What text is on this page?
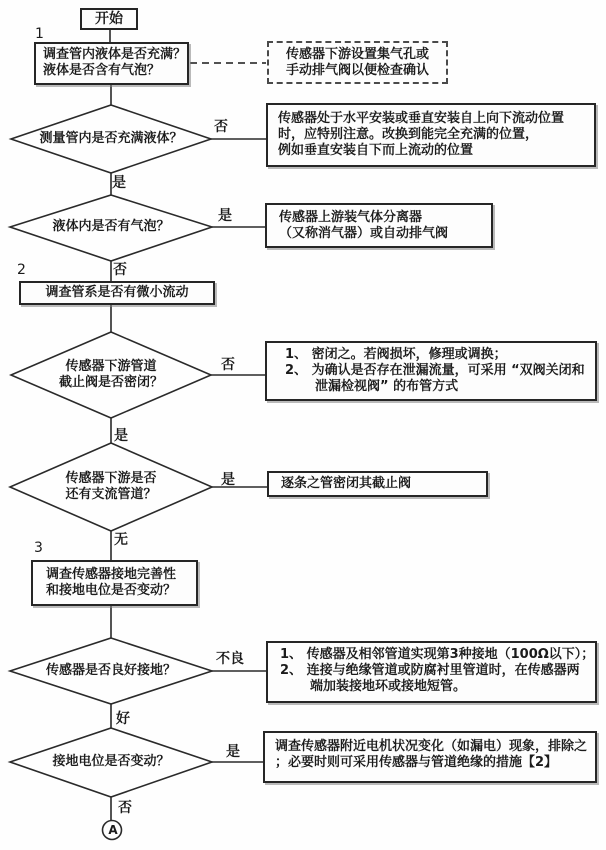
开始
1
调查管内液体是否充满？
液体是否含有气泡？
传感器下游设置集气孔或
手动排气阀以便检查确认
测量管内是否充满液体？
否
传感器处于水平安装或垂直安装自上向下流动位置
时，应特别注意。改换到能完全充满的位置，
例如垂直安装自下而上流动的位置
是
液体内是否有气泡？
是	传感器上游装气体分离器
（又称消气器）或自动排气阀
否
2
调查管系是否有微小流动
传感器下游管道
截止阀是否密闭？
否
1、 密闭之。若阀损坏，修理或调换；
2、 为确认是否存在泄漏流量，可采用 “双阀关闭和
泄漏检视阀” 的布管方式
是
传感器下游是否
还有支流管道？
是	逐条之管密闭其截止阀
无
3
调查传感器接地完善性
和接地电位是否变动？
传感器是否良好接地？
不良	1、 传感器及相邻管道实现第3种接地（100Ω以下）；
2、 连接与绝缘管道或防腐衬里管道时，在传感器两
端加装接地环或接地短管。
好
接地电位是否变动？
是	调查传感器附近电机状况变化（如漏电）现象，排除之
；必要时则可采用传感器与管道绝缘的措施【2】
否
A
